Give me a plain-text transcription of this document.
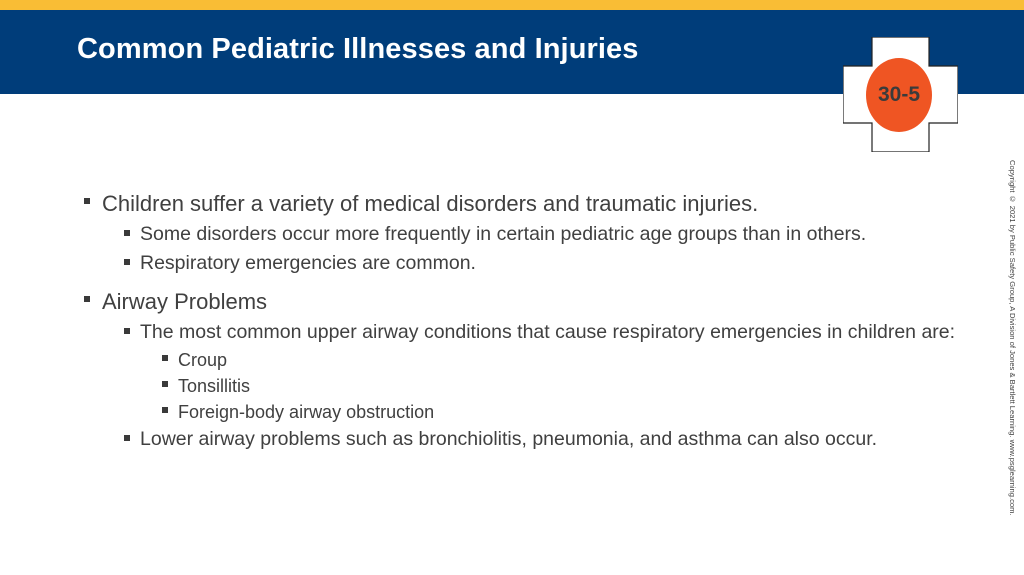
Common Pediatric Illnesses and Injuries
30-5
Copyright © 2021 by Public Safety Group, A Division of Jones & Bartlett Learning. www.psglearning.com.
Children suffer a variety of medical disorders and traumatic injuries.
Some disorders occur more frequently in certain pediatric age groups than in others.
Respiratory emergencies are common.
Airway Problems
The most common upper airway conditions that cause respiratory emergencies in children are:
Croup
Tonsillitis
Foreign-body airway obstruction
Lower airway problems such as bronchiolitis, pneumonia, and asthma can also occur.
